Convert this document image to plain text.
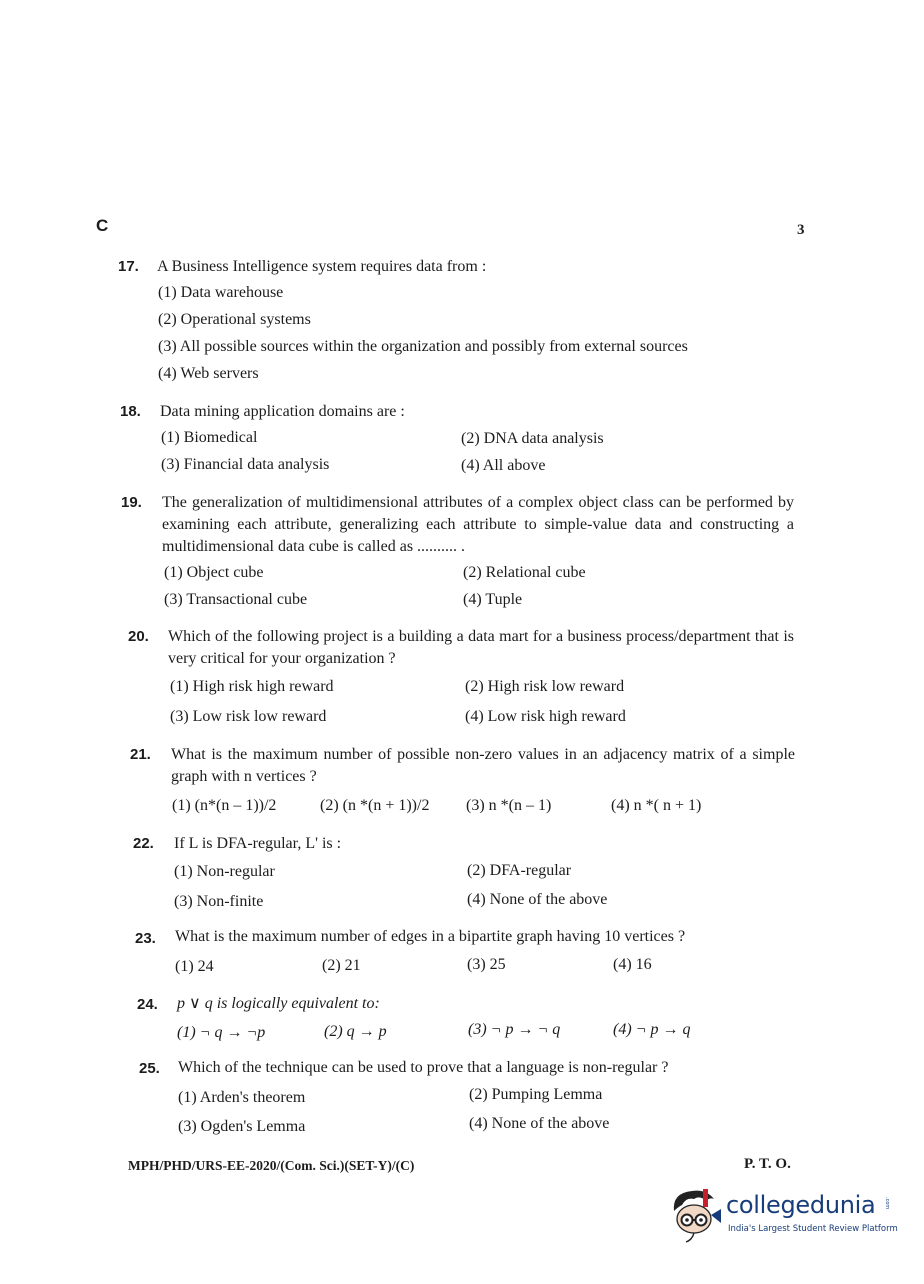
C	3
17. A Business Intelligence system requires data from :
(1) Data warehouse
(2) Operational systems
(3) All possible sources within the organization and possibly from external sources
(4) Web servers
18. Data mining application domains are :
(1) Biomedical	(2) DNA data analysis
(3) Financial data analysis	(4) All above
19. The generalization of multidimensional attributes of a complex object class can be performed by examining each attribute, generalizing each attribute to simple-value data and constructing a multidimensional data cube is called as .......... .
(1) Object cube	(2) Relational cube
(3) Transactional cube	(4) Tuple
20. Which of the following project is a building a data mart for a business process/department that is very critical for your organization ?
(1) High risk high reward	(2) High risk low reward
(3) Low risk low reward	(4) Low risk high reward
21. What is the maximum number of possible non-zero values in an adjacency matrix of a simple graph with n vertices ?
(1) (n*(n – 1))/2	(2) (n *(n + 1))/2 (3) n *(n – 1)	(4) n *( n + 1)
22. If L is DFA-regular, L' is :
(1) Non-regular	(2) DFA-regular
(3) Non-finite	(4) None of the above
23. What is the maximum number of edges in a bipartite graph having 10 vertices ?
(1) 24	(2) 21	(3) 25	(4) 16
24. p ∨ q is logically equivalent to:
(1) ¬ q → ¬p	(2) q → p	(3) ¬ p → ¬ q	(4) ¬ p → q
25. Which of the technique can be used to prove that a language is non-regular ?
(1) Arden's theorem	(2) Pumping Lemma
(3) Ogden's Lemma	(4) None of the above
MPH/PHD/URS-EE-2020/(Com. Sci.)(SET-Y)/(C)	P. T. O.
collegedunia .com
India's Largest Student Review Platform
